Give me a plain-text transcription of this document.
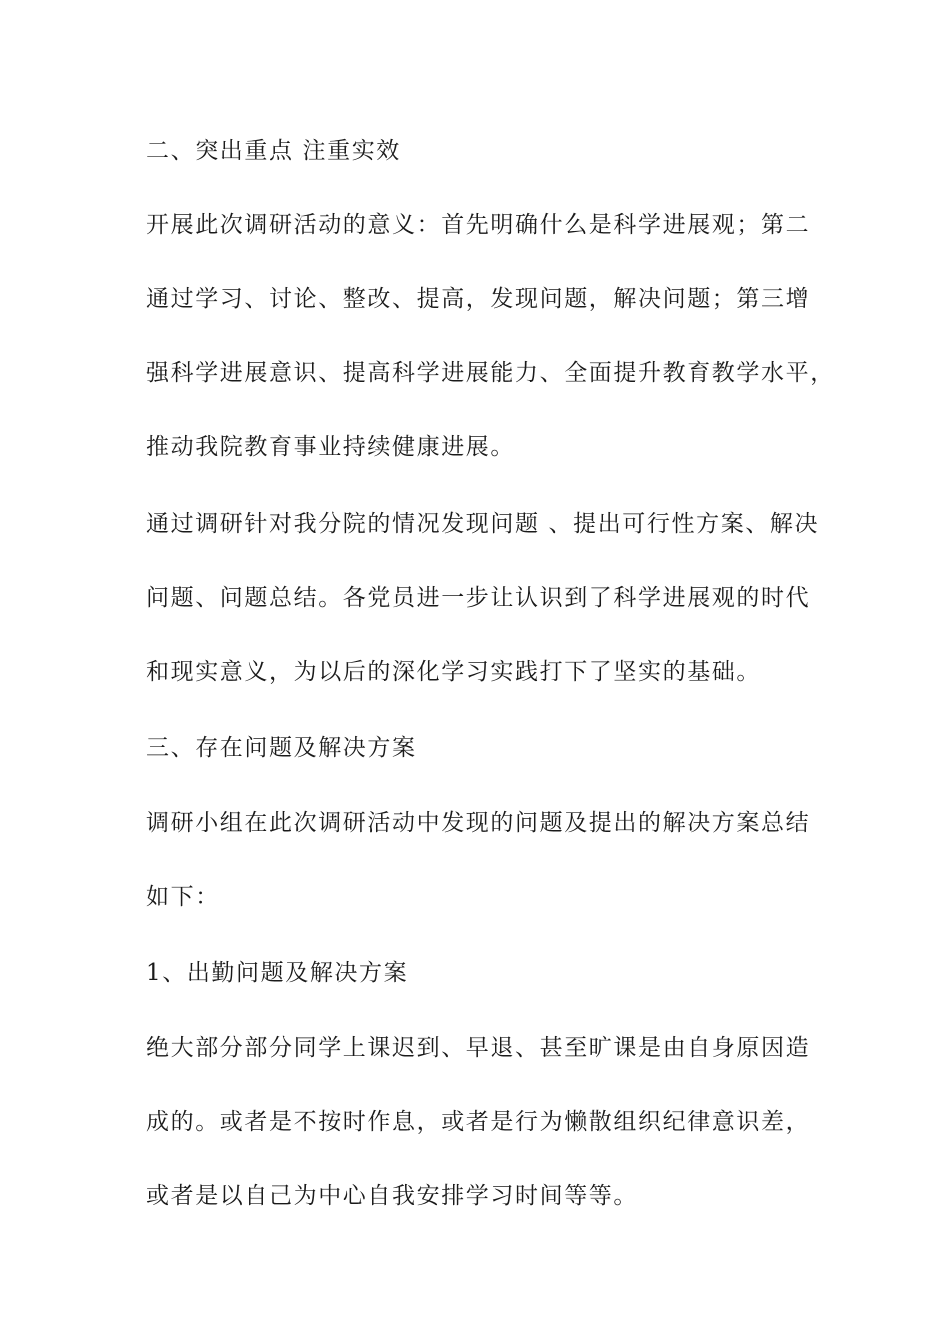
二、突出重点 注重实效
开展此次调研活动的意义：首先明确什么是科学进展观；第二
通过学习、讨论、整改、提高，发现问题，解决问题；第三增
强科学进展意识、提高科学进展能力、全面提升教育教学水平，
推动我院教育事业持续健康进展。
通过调研针对我分院的情况发现问题 、提出可行性方案、解决
问题、问题总结。各党员进一步让认识到了科学进展观的时代
和现实意义，为以后的深化学习实践打下了坚实的基础。
三、存在问题及解决方案
调研小组在此次调研活动中发现的问题及提出的解决方案总结
如下：
1、出勤问题及解决方案
绝大部分部分同学上课迟到、早退、甚至旷课是由自身原因造
成的。或者是不按时作息，或者是行为懒散组织纪律意识差，
或者是以自己为中心自我安排学习时间等等。
